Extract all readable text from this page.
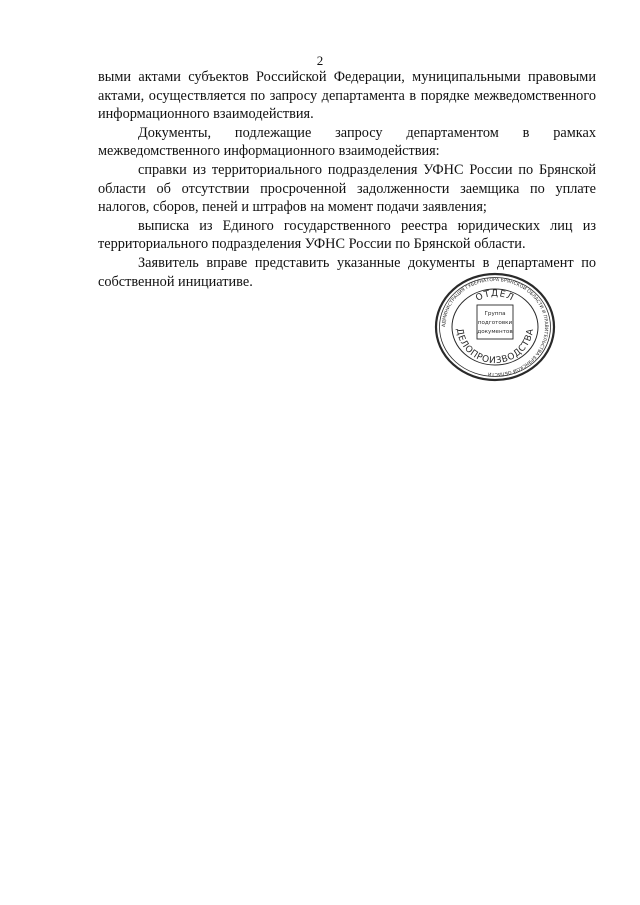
2

выми актами субъектов Российской Федерации, муниципальными правовыми актами, осуществляется по запросу департамента в порядке межведомственного информационного взаимодействия.

Документы, подлежащие запросу департаментом в рамках межведомственного информационного взаимодействия:

справки из территориального подразделения УФНС России по Брянской области об отсутствии просроченной задолженности заемщика по уплате налогов, сборов, пеней и штрафов на момент подачи заявления;

выписка из Единого государственного реестра юридических лиц из территориального подразделения УФНС России по Брянской области.

Заявитель вправе представить указанные документы в департамент по собственной инициативе.

АДМИНИСТРАЦИЯ ГУБЕРНАТОРА БРЯНСКОЙ ОБЛАСТИ И ПРАВИТЕЛЬСТВА БРЯНСКОЙ ОБЛАСТИ
ОТДЕЛ
ДЕЛОПРОИЗВОДСТВА
Группа
подготовки
документов
